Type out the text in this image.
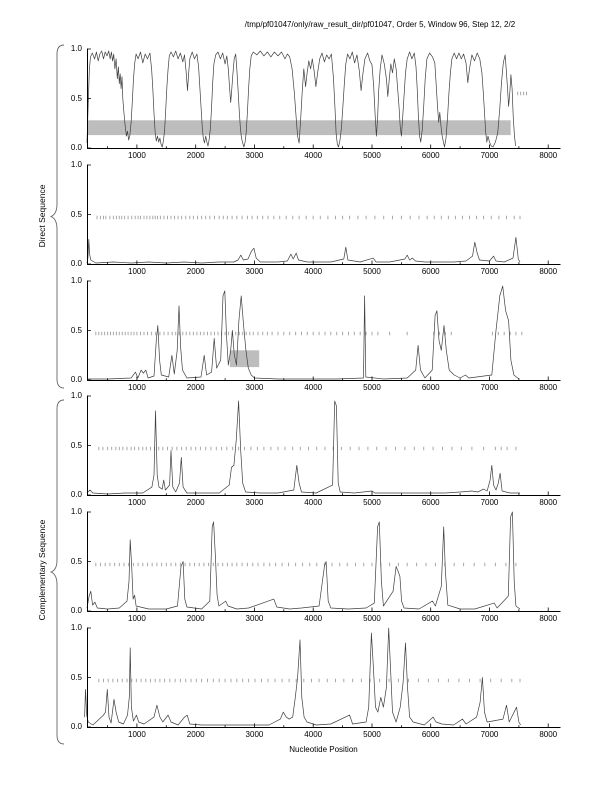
/tmp/pf01047/only/raw_result_dir/pf01047, Order 5, Window 96, Step 12, 2/2
Direct Sequence
Complementary Sequence
Nucleotide Position
0.0
0.5
1.0
1000	2000	3000	4000	5000	6000	7000	8000
0.0
0.5
1.0
1000	2000	3000	4000	5000	6000	7000	8000
0.0
0.5
1.0
1000	2000	3000	4000	5000	6000	7000	8000
0.0
0.5
1.0
1000	2000	3000	4000	5000	6000	7000	8000
0.0
0.5
1.0
1000	2000	3000	4000	5000	6000	7000	8000
0.0
0.5
1.0
1000	2000	3000	4000	5000	6000	7000	8000
